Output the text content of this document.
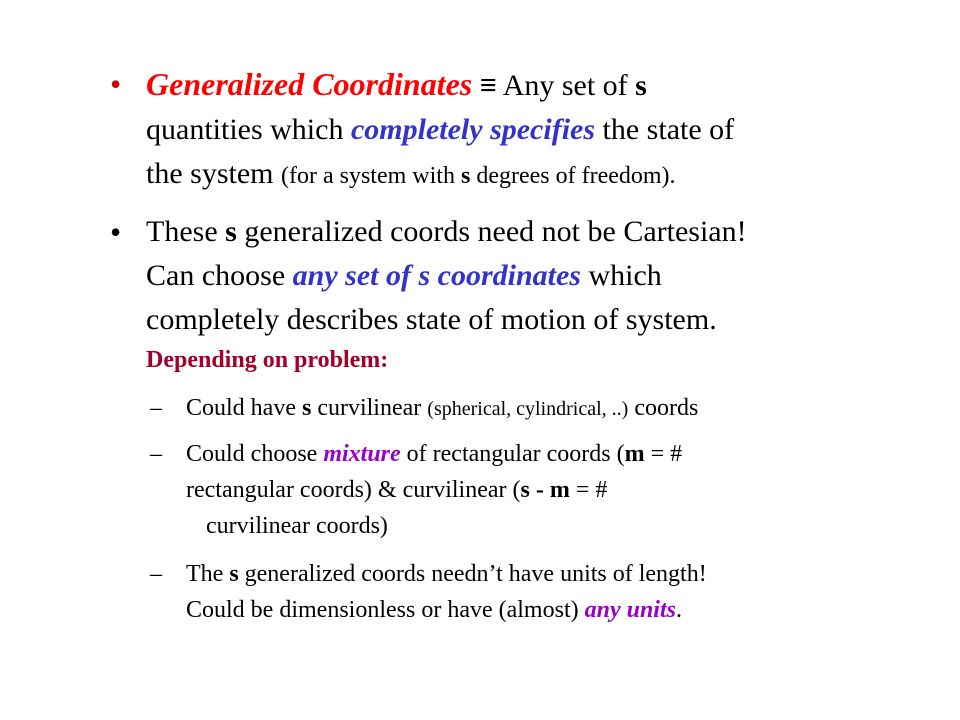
• Generalized Coordinates ≡ Any set of s
quantities which completely specifies the state of
the system (for a system with s degrees of freedom).
• These s generalized coords need not be Cartesian!
Can choose any set of s coordinates which
completely describes state of motion of system.
Depending on problem:
– Could have s curvilinear (spherical, cylindrical, ..) coords
– Could choose mixture of rectangular coords (m = #
rectangular coords) & curvilinear (s - m = #
curvilinear coords)
– The s generalized coords needn’t have units of length!
Could be dimensionless or have (almost) any units.
